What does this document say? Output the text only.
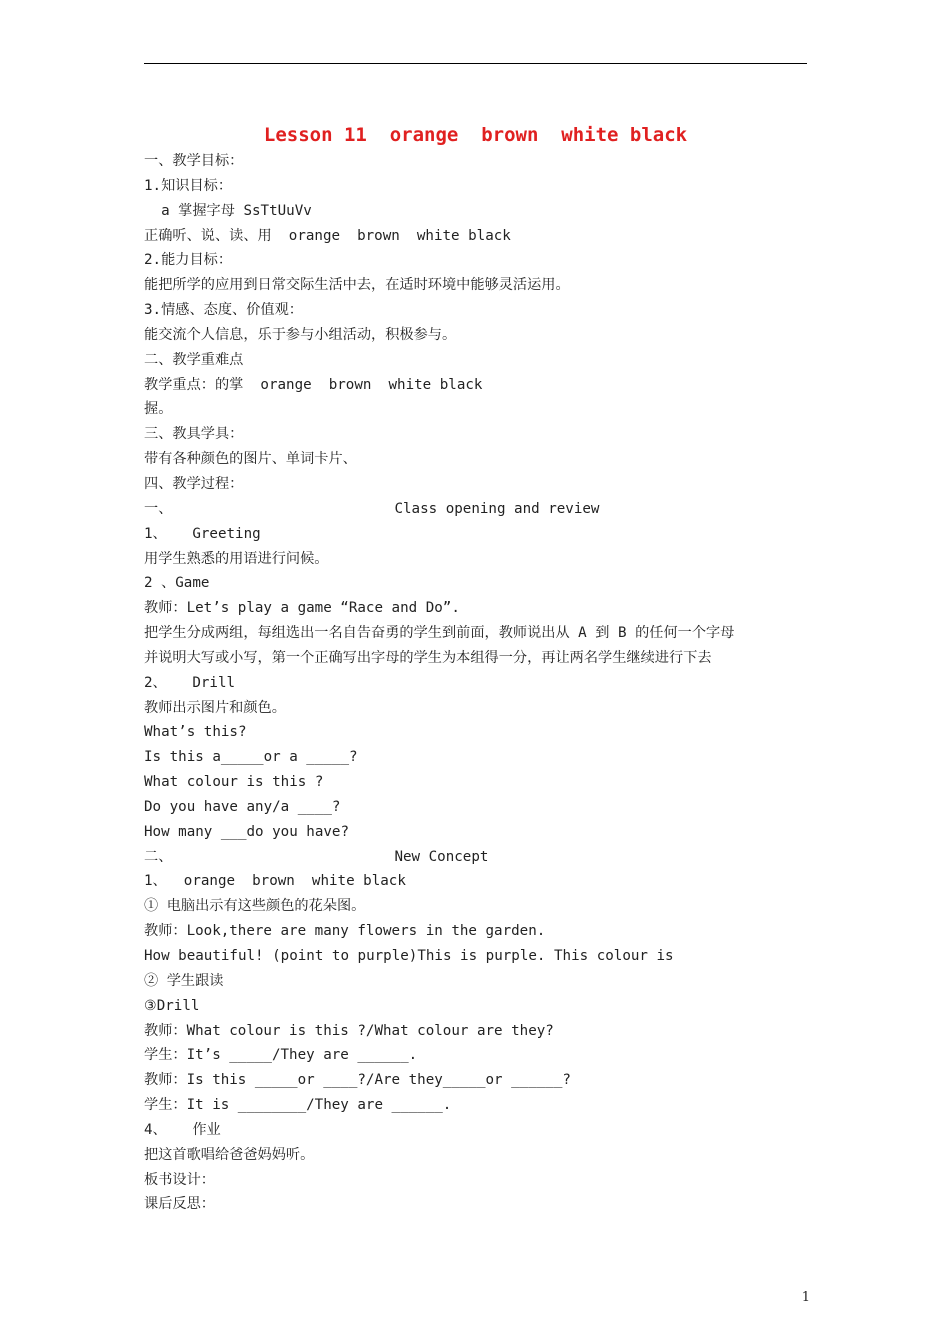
Lesson 11  orange  brown  white black
一、教学目标：
1.知识目标：
a 掌握字母 SsTtUuVv
正确听、说、读、用  orange  brown  white black
2.能力目标：
能把所学的应用到日常交际生活中去，在适时环境中能够灵活运用。
3.情感、态度、价值观：
能交流个人信息，乐于参与小组活动，积极参与。
二、教学重难点
教学重点：的掌  orange  brown  white black
握。
三、教具学具：
带有各种颜色的图片、单词卡片、
四、教学过程：
一、                          Class opening and review
1、   Greeting
用学生熟悉的用语进行问候。
2 、Game
教师：Let’s play a game “Race and Do”.
把学生分成两组，每组选出一名自告奋勇的学生到前面，教师说出从 A 到 B 的任何一个字母
并说明大写或小写，第一个正确写出字母的学生为本组得一分，再让两名学生继续进行下去
2、   Drill
教师出示图片和颜色。
What’s this?
Is this a_____or a _____?
What colour is this ?
Do you have any/a ____?
How many ___do you have?
二、                          New Concept
1、  orange  brown  white black
① 电脑出示有这些颜色的花朵图。
教师：Look,there are many flowers in the garden.
How beautiful! (point to purple)This is purple. This colour is
② 学生跟读
③Drill
教师：What colour is this ?/What colour are they?
学生：It’s _____/They are ______.
教师：Is this _____or ____?/Are they_____or ______?
学生：It is ________/They are ______.
4、   作业
把这首歌唱给爸爸妈妈听。
板书设计：
课后反思：
1
